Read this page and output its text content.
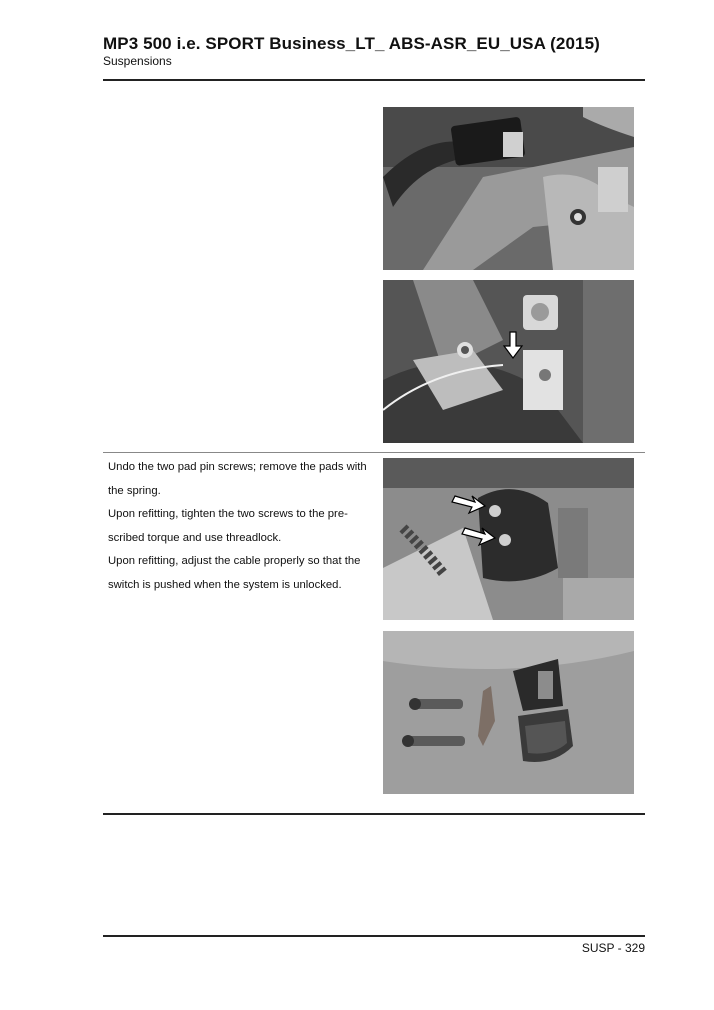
MP3 500 i.e. SPORT Business_LT_ ABS-ASR_EU_USA (2015)
Suspensions

Undo the two pad pin screws; remove the pads with the spring.

Upon refitting, tighten the two screws to the pre-scribed torque and use threadlock.

Upon refitting, adjust the cable properly so that the switch is pushed when the system is unlocked.

SUSP - 329
